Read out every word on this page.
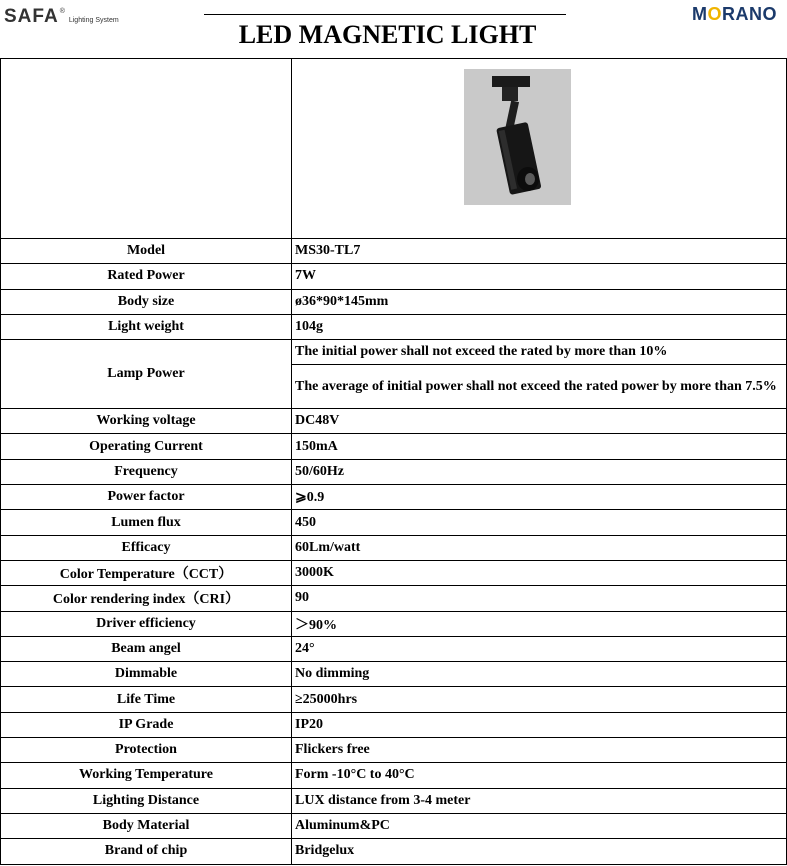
SAFA ®
Lighting System	LED MAGNETIC LIGHT
MORANO

Model	MS30-TL7
Rated Power	7W
Body size	ø36*90*145mm
Light weight	104g
Lamp Power	The initial power shall not exceed the rated by more than 10%
	The average of initial power shall not exceed the rated power by more than 7.5%
Working voltage	DC48V
Operating Current	150mA
Frequency	50/60Hz
Power factor	⩾0.9
Lumen flux	450
Efficacy	60Lm/watt
Color Temperature（CCT）	3000K
Color rendering index（CRI）	90
Driver efficiency	＞90%
Beam angel	24°
Dimmable	No dimming
Life Time	≥25000hrs
IP Grade	IP20
Protection	Flickers free
Working Temperature	Form -10°C to 40°C
Lighting Distance	LUX distance from 3-4 meter
Body Material	Aluminum&PC
Brand of chip	Bridgelux
